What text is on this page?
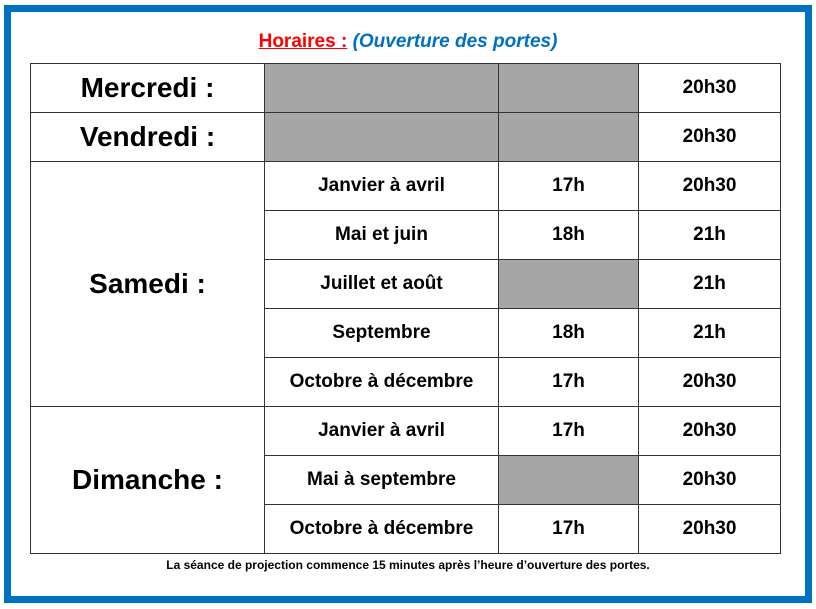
Horaires : (Ouverture des portes)
Mercredi :			20h30
Vendredi :			20h30
Samedi :	Janvier à avril	17h	20h30
	Mai et juin	18h	21h
	Juillet et août		21h
	Septembre	18h	21h
	Octobre à décembre	17h	20h30
Dimanche :	Janvier à avril	17h	20h30
	Mai à septembre		20h30
	Octobre à décembre	17h	20h30
La séance de projection commence 15 minutes après l’heure d’ouverture des portes.
